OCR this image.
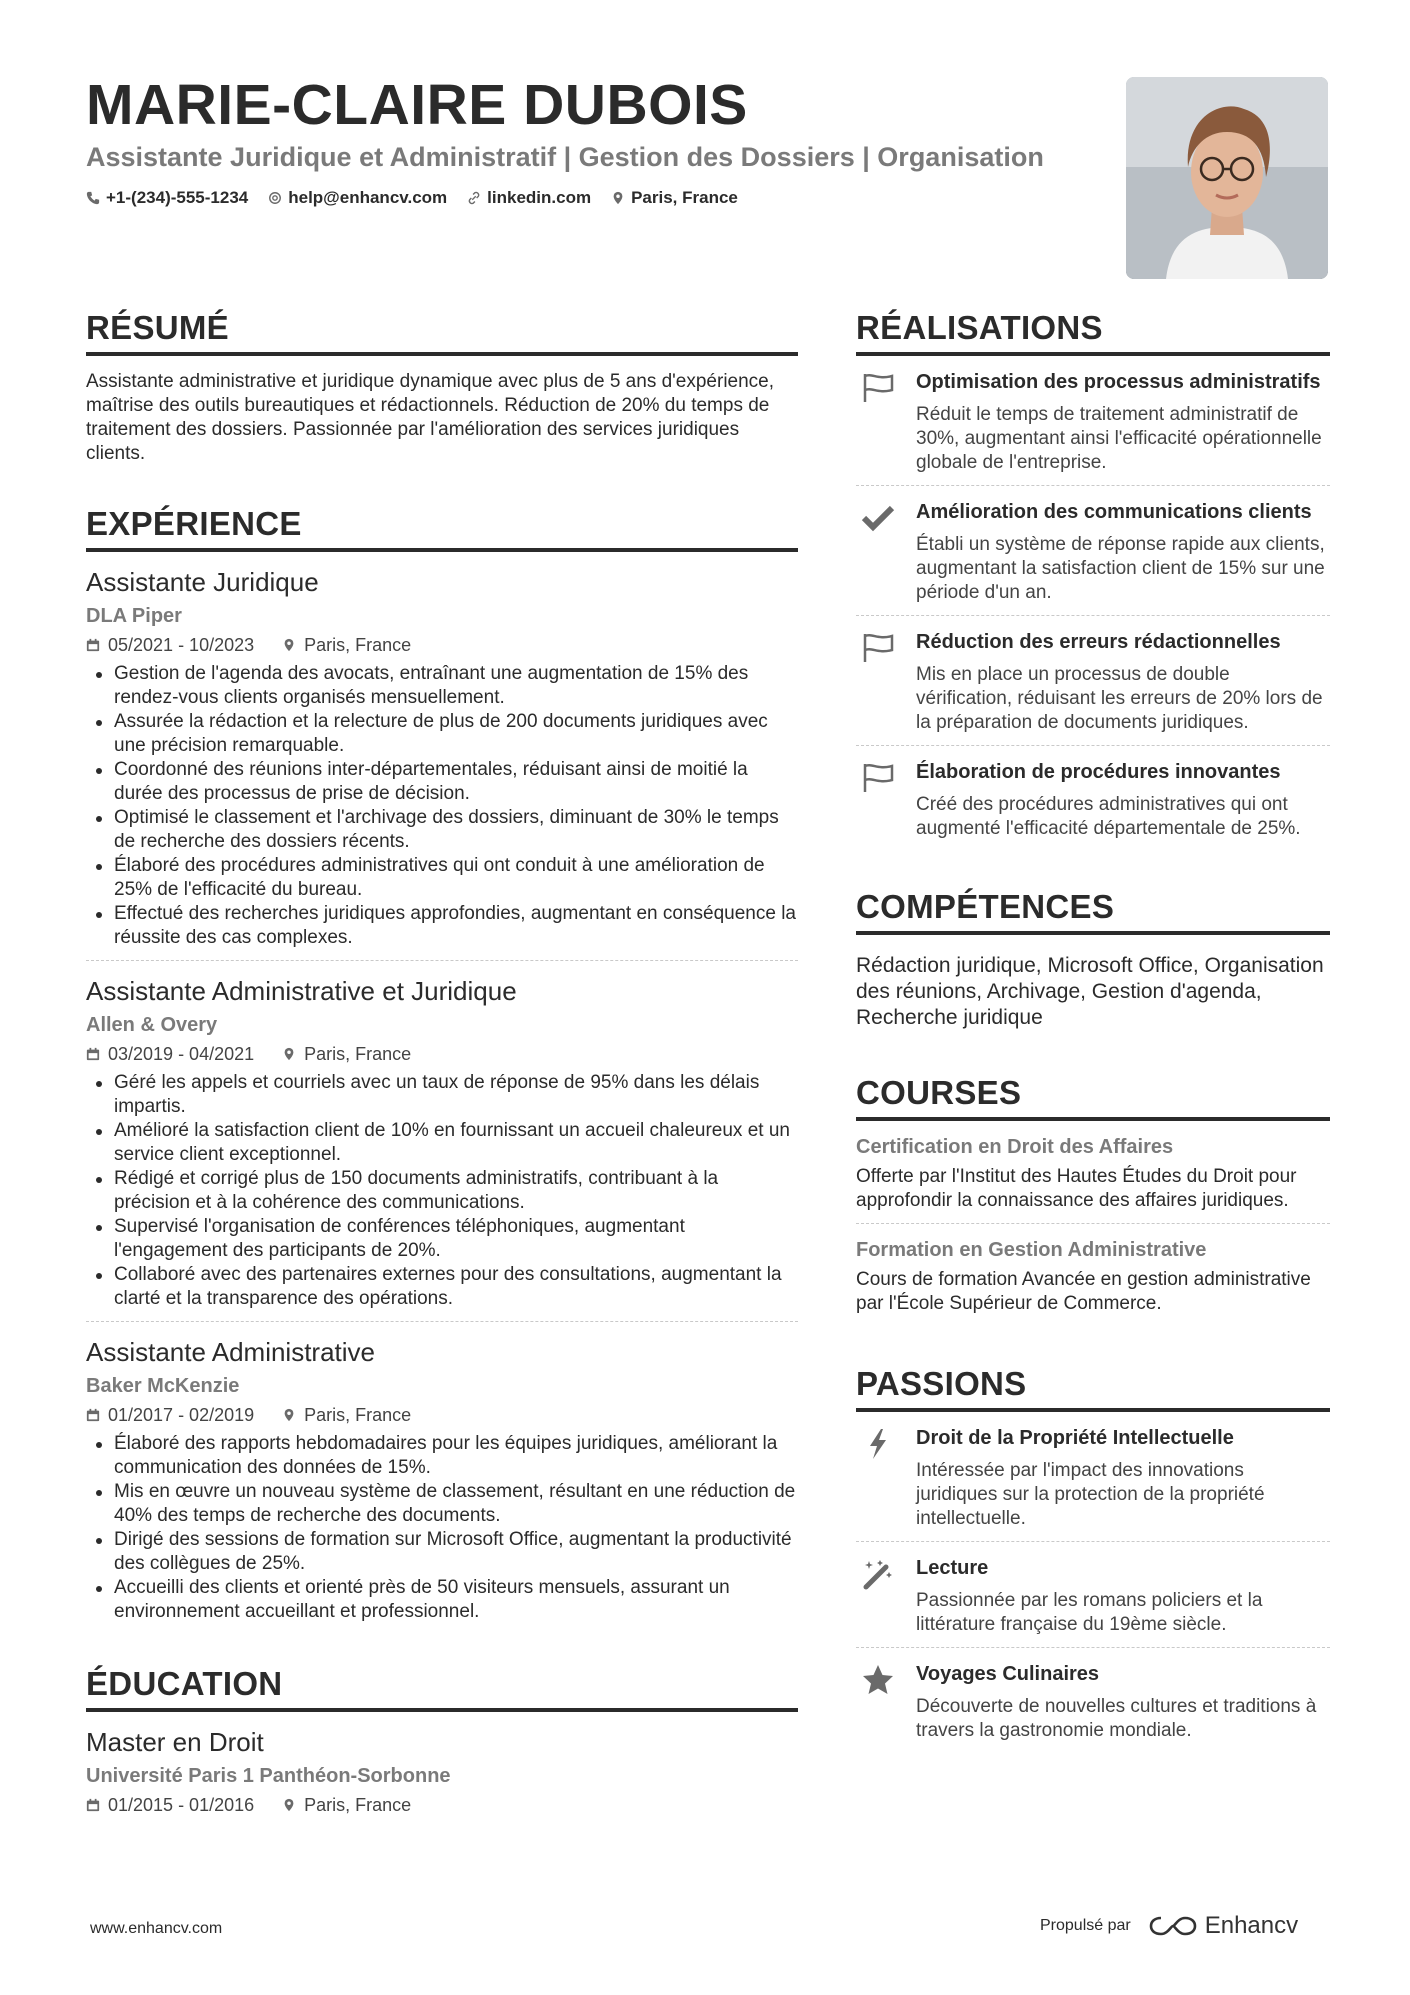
MARIE-CLAIRE DUBOIS
Assistante Juridique et Administratif | Gestion des Dossiers | Organisation
+1-(234)-555-1234 help@enhancv.com linkedin.com Paris, France
RÉSUMÉ
Assistante administrative et juridique dynamique avec plus de 5 ans d'expérience, maîtrise des outils bureautiques et rédactionnels. Réduction de 20% du temps de traitement des dossiers. Passionnée par l'amélioration des services juridiques clients.
EXPÉRIENCE
Assistante Juridique
DLA Piper
05/2021 - 10/2023	Paris, France
Gestion de l'agenda des avocats, entraînant une augmentation de 15% des rendez-vous clients organisés mensuellement.
Assurée la rédaction et la relecture de plus de 200 documents juridiques avec une précision remarquable.
Coordonné des réunions inter-départementales, réduisant ainsi de moitié la durée des processus de prise de décision.
Optimisé le classement et l'archivage des dossiers, diminuant de 30% le temps de recherche des dossiers récents.
Élaboré des procédures administratives qui ont conduit à une amélioration de 25% de l'efficacité du bureau.
Effectué des recherches juridiques approfondies, augmentant en conséquence la réussite des cas complexes.
Assistante Administrative et Juridique
Allen & Overy
03/2019 - 04/2021	Paris, France
Géré les appels et courriels avec un taux de réponse de 95% dans les délais impartis.
Amélioré la satisfaction client de 10% en fournissant un accueil chaleureux et un service client exceptionnel.
Rédigé et corrigé plus de 150 documents administratifs, contribuant à la précision et à la cohérence des communications.
Supervisé l'organisation de conférences téléphoniques, augmentant l'engagement des participants de 20%.
Collaboré avec des partenaires externes pour des consultations, augmentant la clarté et la transparence des opérations.
Assistante Administrative
Baker McKenzie
01/2017 - 02/2019	Paris, France
Élaboré des rapports hebdomadaires pour les équipes juridiques, améliorant la communication des données de 15%.
Mis en œuvre un nouveau système de classement, résultant en une réduction de 40% des temps de recherche des documents.
Dirigé des sessions de formation sur Microsoft Office, augmentant la productivité des collègues de 25%.
Accueilli des clients et orienté près de 50 visiteurs mensuels, assurant un environnement accueillant et professionnel.
ÉDUCATION
Master en Droit
Université Paris 1 Panthéon-Sorbonne
01/2015 - 01/2016	Paris, France
RÉALISATIONS
Optimisation des processus administratifs
Réduit le temps de traitement administratif de 30%, augmentant ainsi l'efficacité opérationnelle globale de l'entreprise.
Amélioration des communications clients
Établi un système de réponse rapide aux clients, augmentant la satisfaction client de 15% sur une période d'un an.
Réduction des erreurs rédactionnelles
Mis en place un processus de double vérification, réduisant les erreurs de 20% lors de la préparation de documents juridiques.
Élaboration de procédures innovantes
Créé des procédures administratives qui ont augmenté l'efficacité départementale de 25%.
COMPÉTENCES
Rédaction juridique, Microsoft Office, Organisation des réunions, Archivage, Gestion d'agenda, Recherche juridique
COURSES
Certification en Droit des Affaires
Offerte par l'Institut des Hautes Études du Droit pour approfondir la connaissance des affaires juridiques.
Formation en Gestion Administrative
Cours de formation Avancée en gestion administrative par l'École Supérieur de Commerce.
PASSIONS
Droit de la Propriété Intellectuelle
Intéressée par l'impact des innovations juridiques sur la protection de la propriété intellectuelle.
Lecture
Passionnée par les romans policiers et la littérature française du 19ème siècle.
Voyages Culinaires
Découverte de nouvelles cultures et traditions à travers la gastronomie mondiale.
www.enhancv.com	Propulsé par	Enhancv
